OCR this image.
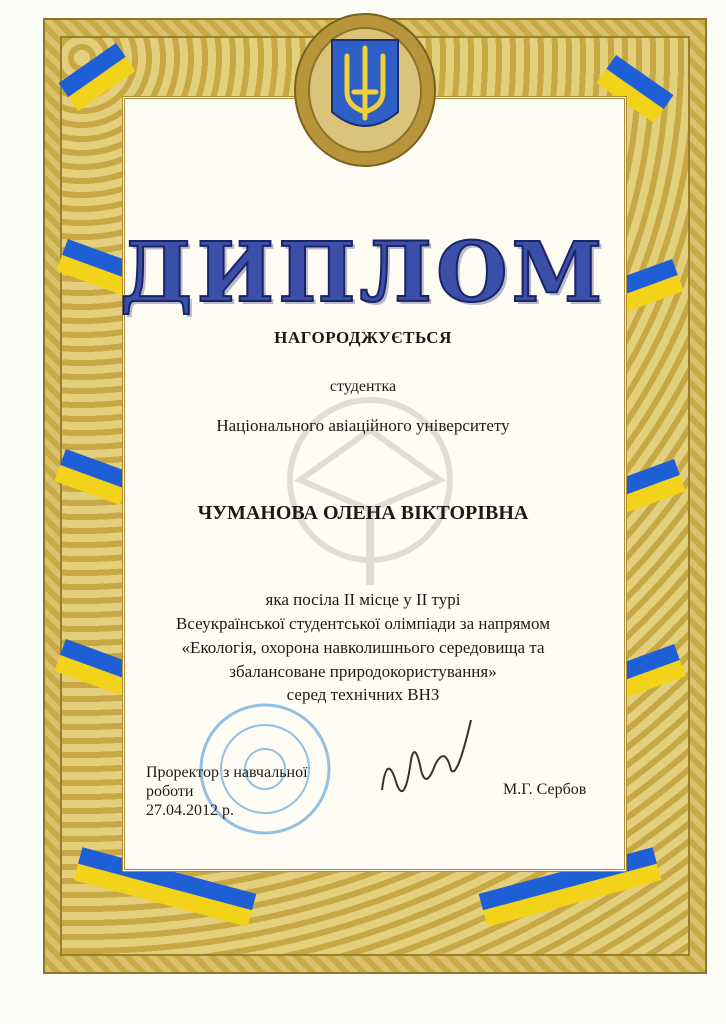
ДИПЛОМ
НАГОРОДЖУЄТЬСЯ
студентка
Національного авіаційного університету
ЧУМАНОВА ОЛЕНА ВІКТОРІВНА
яка посіла II місце у II турі
Всеукраїнської студентської олімпіади за напрямом
«Екологія, охорона навколишнього середовища та
збалансоване природокористування»
серед технічних ВНЗ
Проректор з навчальної
роботи
27.04.2012 р.
М.Г. Сербов
